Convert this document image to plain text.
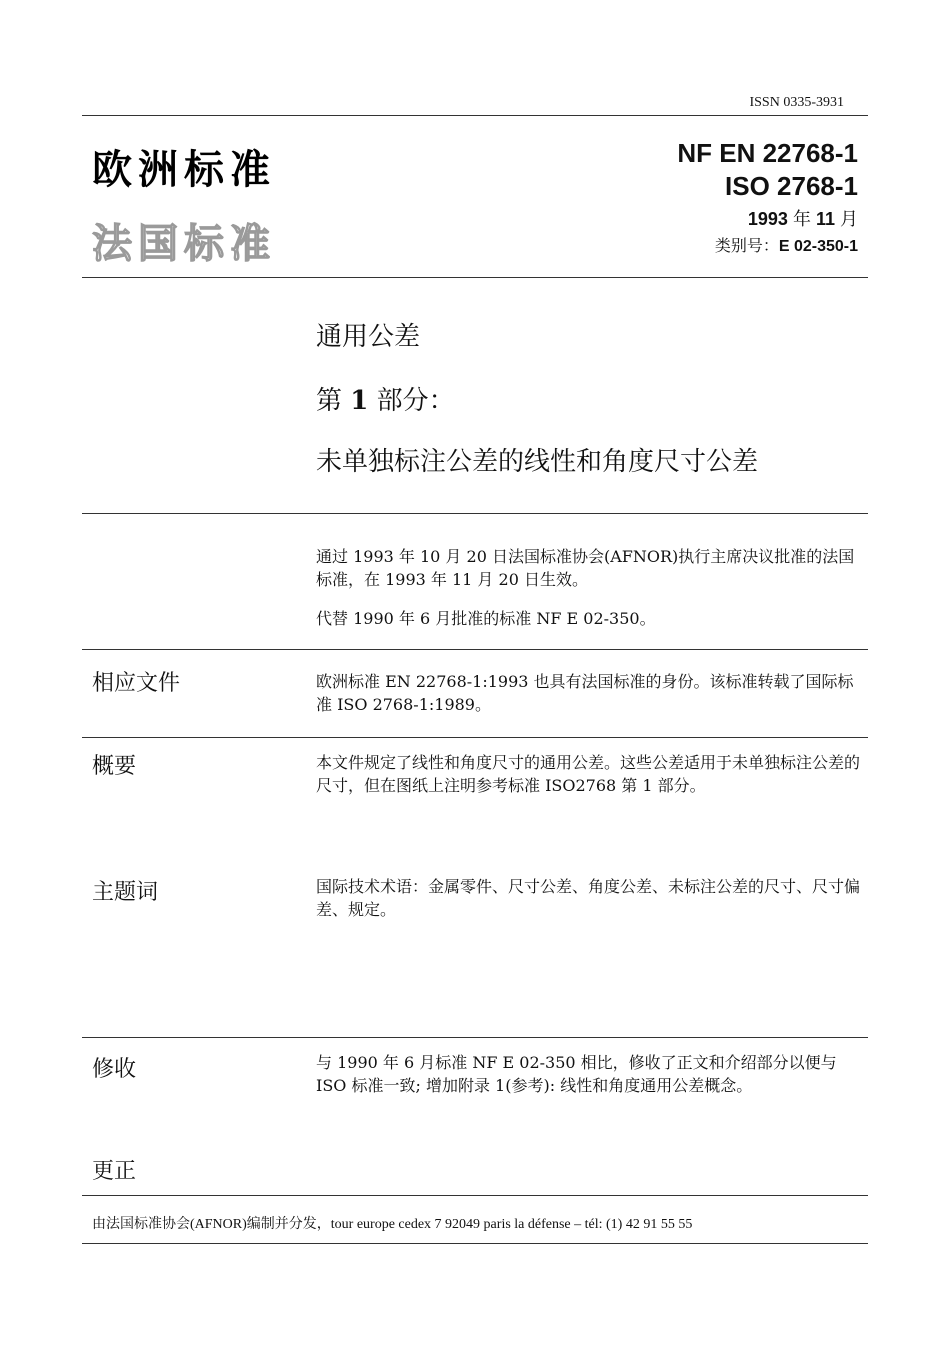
ISSN 0335-3931
欧洲标准
法国标准
NF EN 22768-1
ISO 2768-1
1993 年 11 月
类别号：E 02-350-1
通用公差
第 1 部分：
未单独标注公差的线性和角度尺寸公差
通过 1993 年 10 月 20 日法国标准协会(AFNOR)执行主席决议批准的法国标准，在 1993 年 11 月 20 日生效。
代替 1990 年 6 月批准的标准 NF E 02-350。
相应文件	欧洲标准 EN 22768-1:1993 也具有法国标准的身份。该标准转载了国际标准 ISO 2768-1:1989。
概要	本文件规定了线性和角度尺寸的通用公差。这些公差适用于未单独标注公差的尺寸，但在图纸上注明参考标准 ISO2768 第 1 部分。
主题词	国际技术术语：金属零件、尺寸公差、角度公差、未标注公差的尺寸、尺寸偏差、规定。
修收	与 1990 年 6 月标准 NF E 02-350 相比，修收了正文和介绍部分以便与 ISO 标准一致; 增加附录 1(参考): 线性和角度通用公差概念。
更正
由法国标准协会(AFNOR)编制并分发，tour europe cedex 7 92049 paris la défense – tél: (1) 42 91 55 55
